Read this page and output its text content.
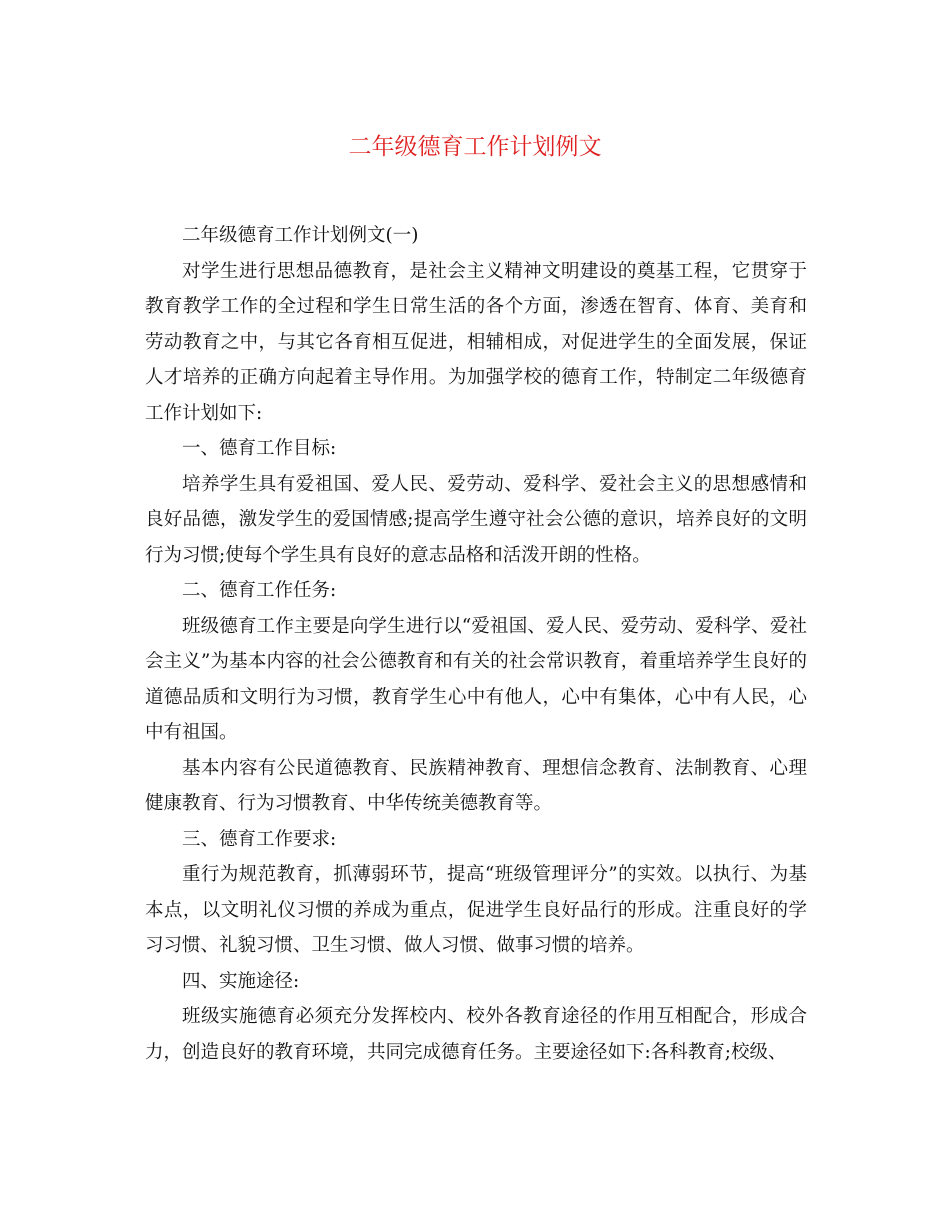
二年级德育工作计划例文

二年级德育工作计划例文(一)

对学生进行思想品德教育，是社会主义精神文明建设的奠基工程，它贯穿于教育教学工作的全过程和学生日常生活的各个方面，渗透在智育、体育、美育和劳动教育之中，与其它各育相互促进，相辅相成，对促进学生的全面发展，保证人才培养的正确方向起着主导作用。为加强学校的德育工作，特制定二年级德育工作计划如下:

一、德育工作目标:

培养学生具有爱祖国、爱人民、爱劳动、爱科学、爱社会主义的思想感情和良好品德，激发学生的爱国情感;提高学生遵守社会公德的意识，培养良好的文明行为习惯;使每个学生具有良好的意志品格和活泼开朗的性格。

二、德育工作任务:

班级德育工作主要是向学生进行以“爱祖国、爱人民、爱劳动、爱科学、爱社会主义”为基本内容的社会公德教育和有关的社会常识教育，着重培养学生良好的道德品质和文明行为习惯，教育学生心中有他人，心中有集体，心中有人民，心中有祖国。

基本内容有公民道德教育、民族精神教育、理想信念教育、法制教育、心理健康教育、行为习惯教育、中华传统美德教育等。

三、德育工作要求:

重行为规范教育，抓薄弱环节，提高“班级管理评分”的实效。以执行、为基本点，以文明礼仪习惯的养成为重点，促进学生良好品行的形成。注重良好的学习习惯、礼貌习惯、卫生习惯、做人习惯、做事习惯的培养。

四、实施途径:

班级实施德育必须充分发挥校内、校外各教育途径的作用互相配合，形成合力，创造良好的教育环境，共同完成德育任务。主要途径如下:各科教育;校级、
